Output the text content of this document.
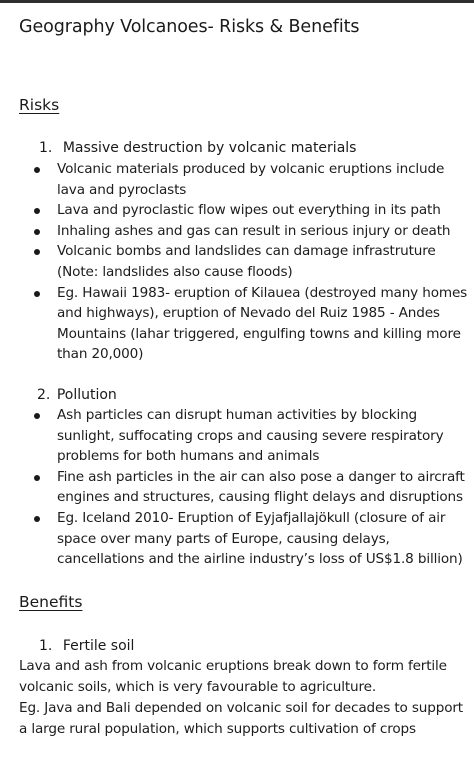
Geography Volcanoes- Risks & Benefits
Risks
1. Massive destruction by volcanic materials
Volcanic materials produced by volcanic eruptions include lava and pyroclasts
Lava and pyroclastic flow wipes out everything in its path
Inhaling ashes and gas can result in serious injury or death
Volcanic bombs and landslides can damage infrastruture (Note: landslides also cause floods)
Eg. Hawaii 1983- eruption of Kilauea (destroyed many homes and highways), eruption of Nevado del Ruiz 1985 - Andes Mountains (lahar triggered, engulfing towns and killing more than 20,000)
2. Pollution
Ash particles can disrupt human activities by blocking sunlight, suffocating crops and causing severe respiratory problems for both humans and animals
Fine ash particles in the air can also pose a danger to aircraft engines and structures, causing flight delays and disruptions
Eg. Iceland 2010- Eruption of Eyjafjallajökull (closure of air space over many parts of Europe, causing delays, cancellations and the airline industry’s loss of US$1.8 billion)
Benefits
1. Fertile soil

Lava and ash from volcanic eruptions break down to form fertile volcanic soils, which is very favourable to agriculture.

Eg. Java and Bali depended on volcanic soil for decades to support a large rural population, which supports cultivation of crops
